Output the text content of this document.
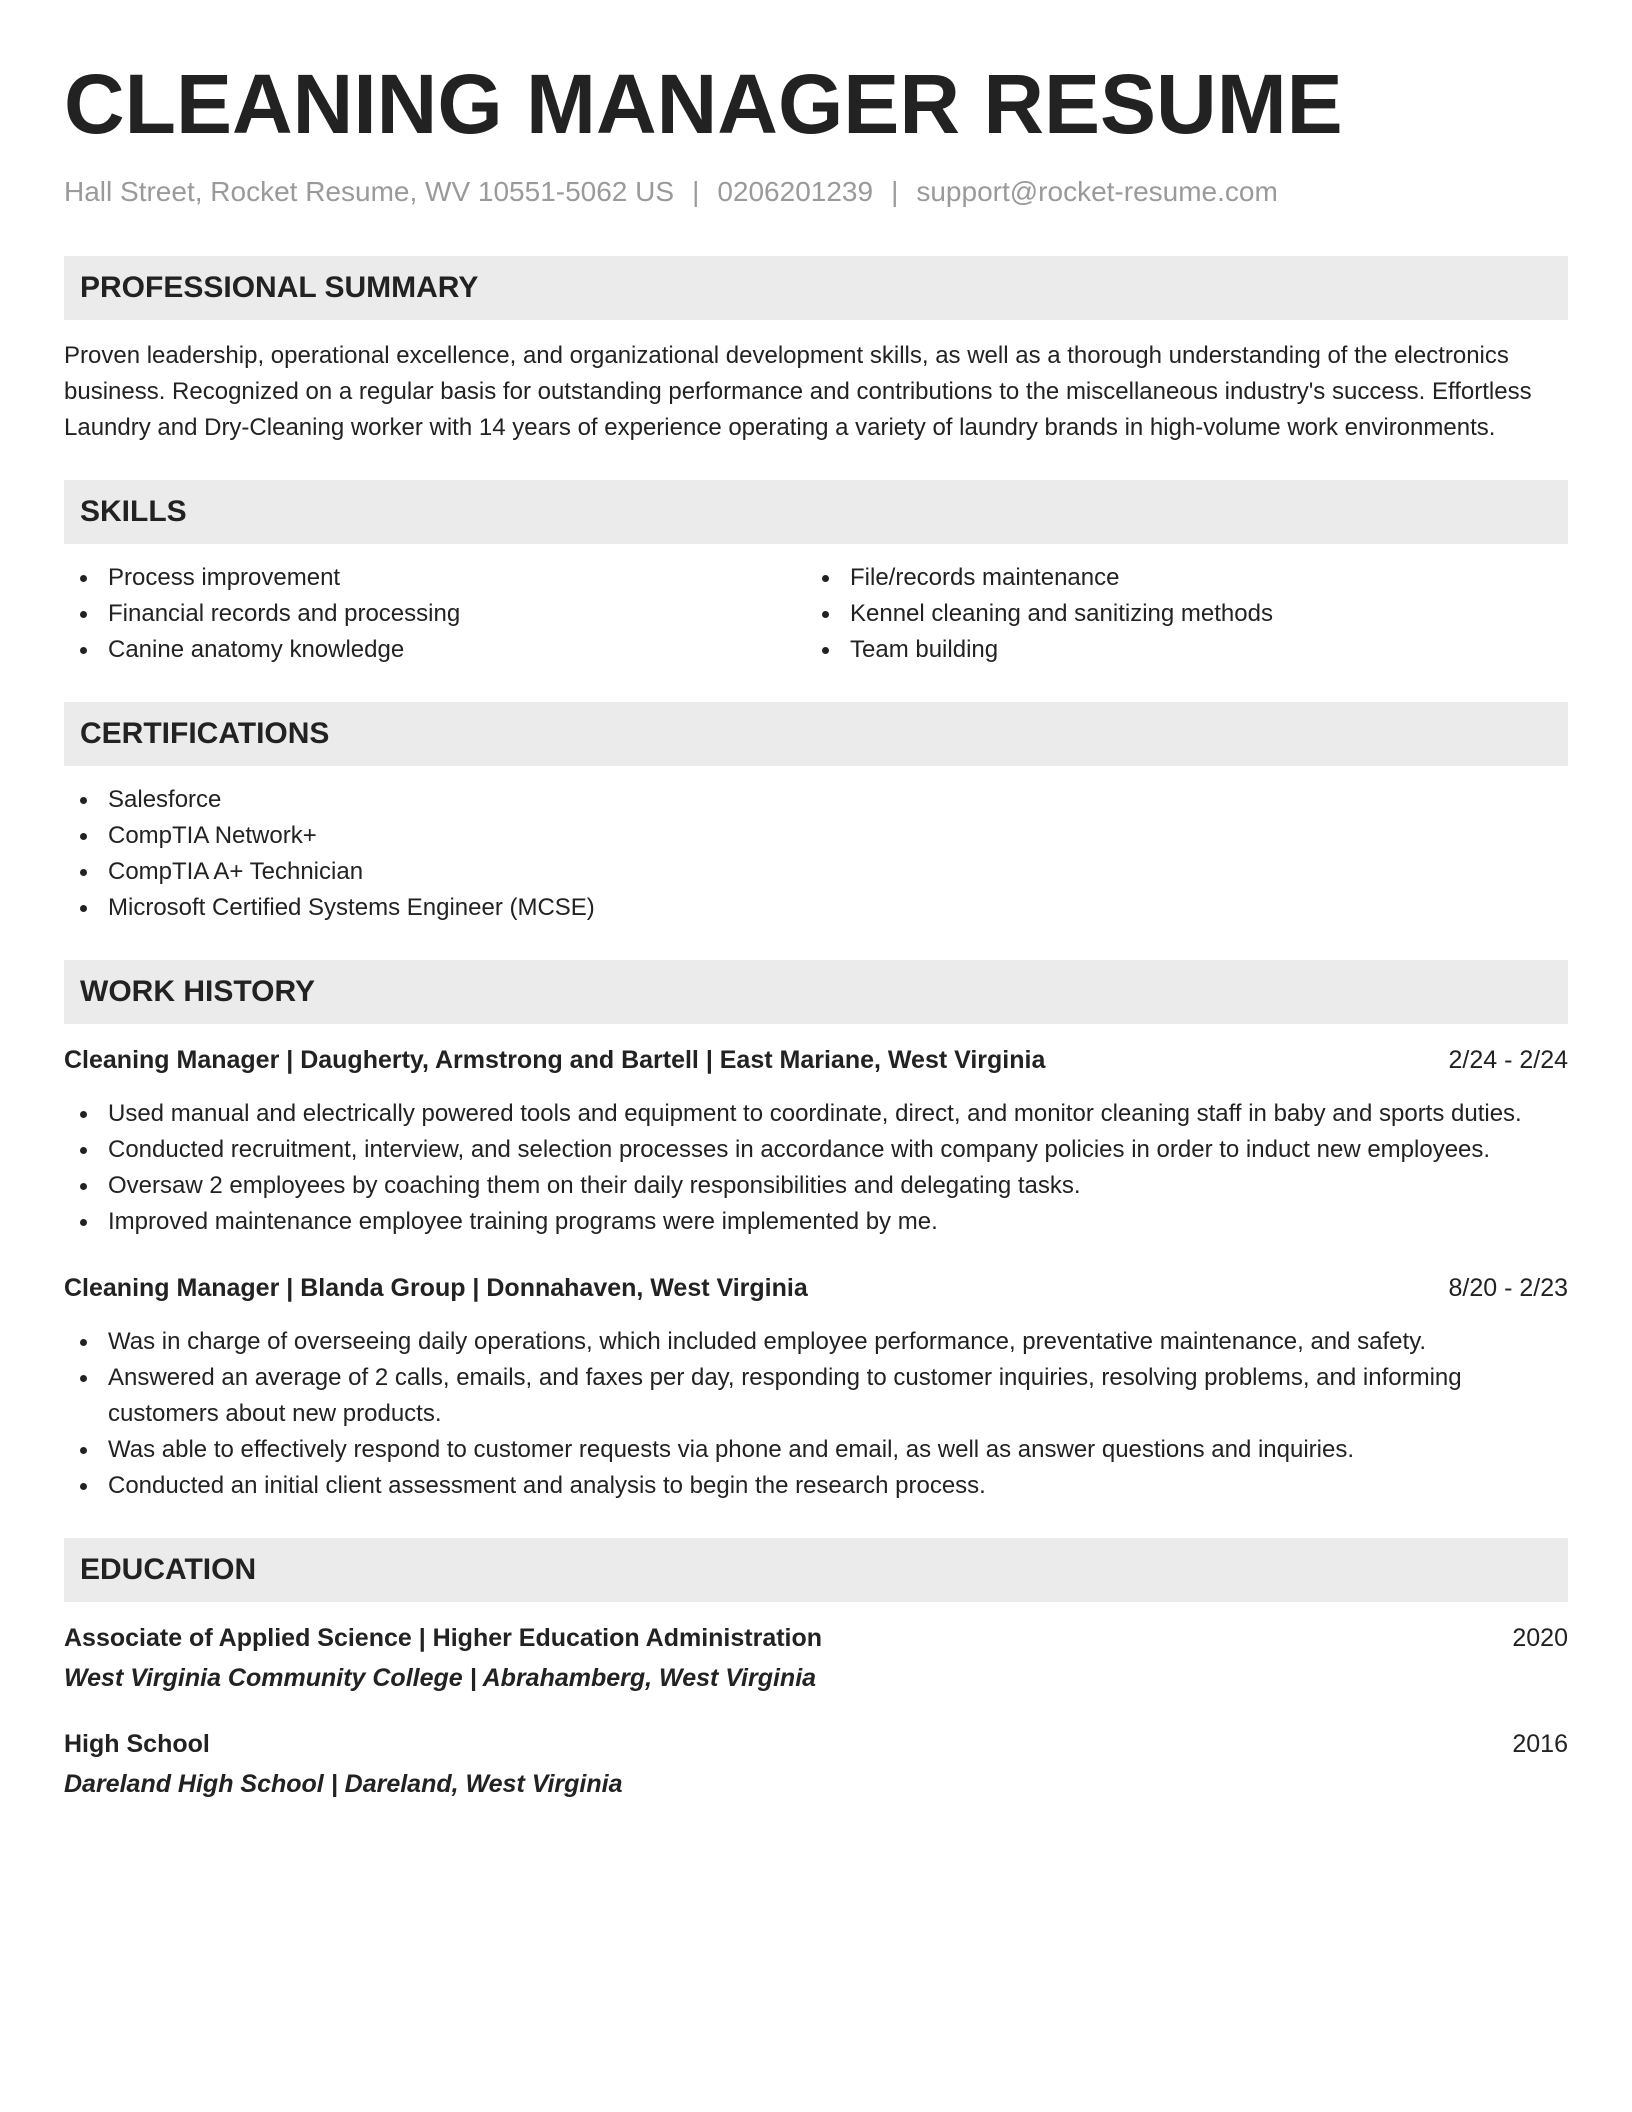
CLEANING MANAGER RESUME
Hall Street, Rocket Resume, WV 10551-5062 US | 0206201239 | support@rocket-resume.com
PROFESSIONAL SUMMARY
Proven leadership, operational excellence, and organizational development skills, as well as a thorough understanding of the electronics business. Recognized on a regular basis for outstanding performance and contributions to the miscellaneous industry's success. Effortless Laundry and Dry-Cleaning worker with 14 years of experience operating a variety of laundry brands in high-volume work environments.
SKILLS
Process improvement
Financial records and processing
Canine anatomy knowledge
File/records maintenance
Kennel cleaning and sanitizing methods
Team building
CERTIFICATIONS
Salesforce
CompTIA Network+
CompTIA A+ Technician
Microsoft Certified Systems Engineer (MCSE)
WORK HISTORY
Cleaning Manager | Daugherty, Armstrong and Bartell | East Mariane, West Virginia	2/24 - 2/24
Used manual and electrically powered tools and equipment to coordinate, direct, and monitor cleaning staff in baby and sports duties.
Conducted recruitment, interview, and selection processes in accordance with company policies in order to induct new employees.
Oversaw 2 employees by coaching them on their daily responsibilities and delegating tasks.
Improved maintenance employee training programs were implemented by me.
Cleaning Manager | Blanda Group | Donnahaven, West Virginia	8/20 - 2/23
Was in charge of overseeing daily operations, which included employee performance, preventative maintenance, and safety.
Answered an average of 2 calls, emails, and faxes per day, responding to customer inquiries, resolving problems, and informing customers about new products.
Was able to effectively respond to customer requests via phone and email, as well as answer questions and inquiries.
Conducted an initial client assessment and analysis to begin the research process.
EDUCATION
Associate of Applied Science | Higher Education Administration	2020
West Virginia Community College | Abrahamberg, West Virginia
High School	2016
Dareland High School | Dareland, West Virginia
